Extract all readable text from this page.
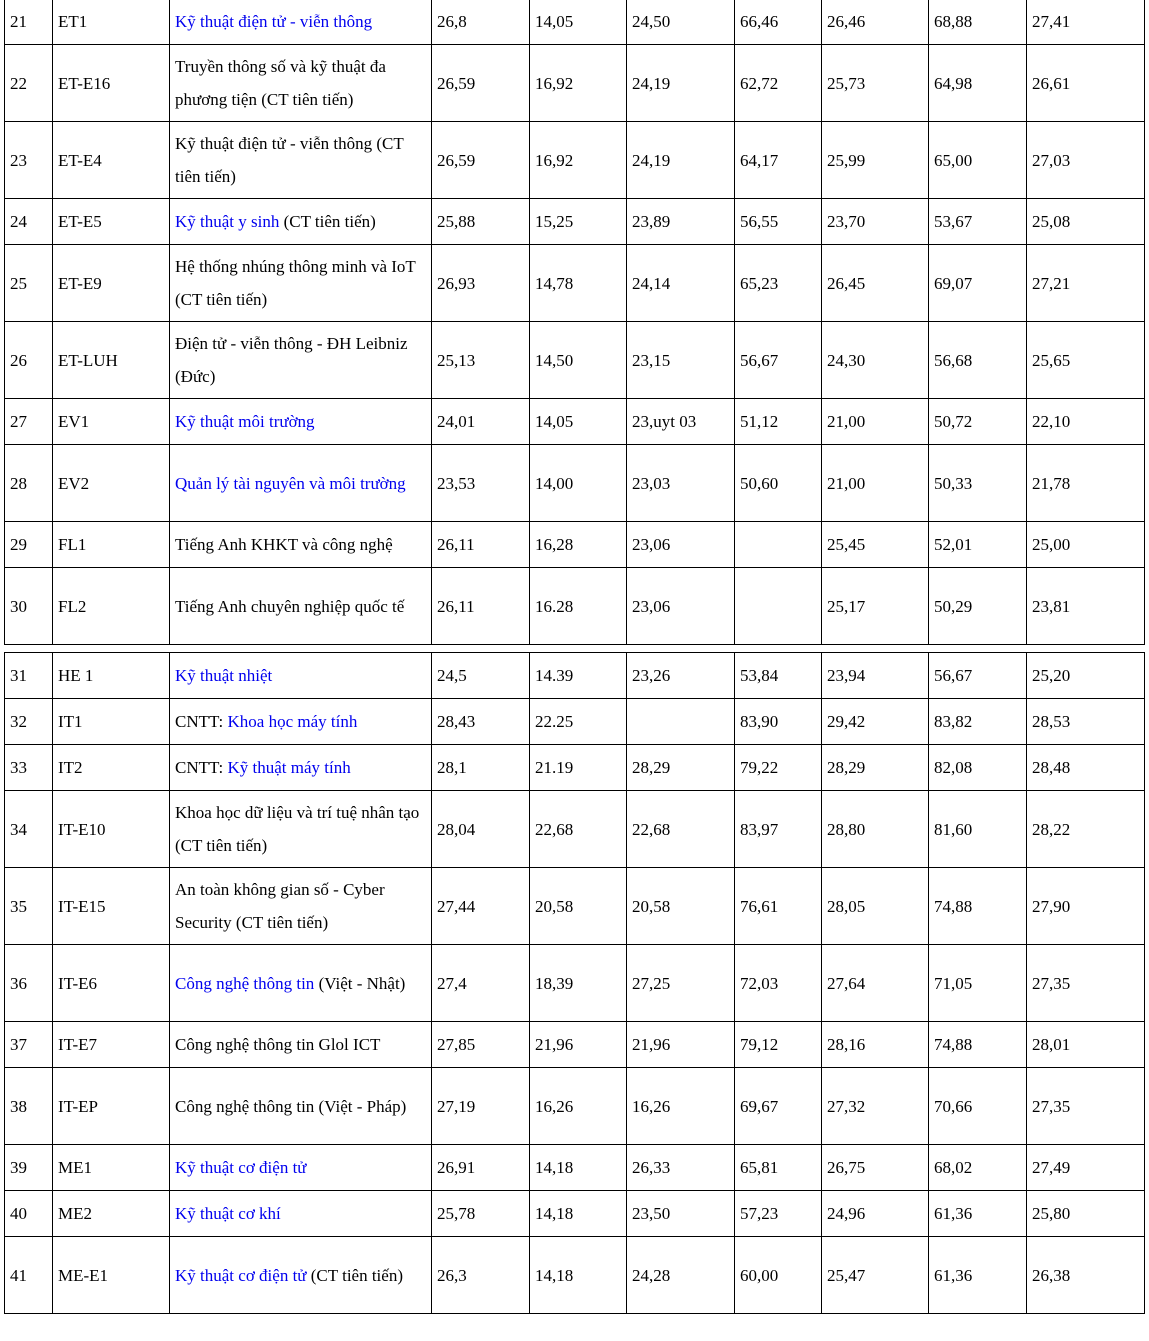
21	ET1	Kỹ thuật điện tử - viễn thông	26,8	14,05	24,50	66,46	26,46	68,88	27,41
22	ET-E16	Truyền thông số và kỹ thuật đa phương tiện (CT tiên tiến)	26,59	16,92	24,19	62,72	25,73	64,98	26,61
23	ET-E4	Kỹ thuật điện tử - viễn thông (CT tiên tiến)	26,59	16,92	24,19	64,17	25,99	65,00	27,03
24	ET-E5	Kỹ thuật y sinh (CT tiên tiến)	25,88	15,25	23,89	56,55	23,70	53,67	25,08
25	ET-E9	Hệ thống nhúng thông minh và IoT (CT tiên tiến)	26,93	14,78	24,14	65,23	26,45	69,07	27,21
26	ET-LUH	Điện tử - viễn thông - ĐH Leibniz (Đức)	25,13	14,50	23,15	56,67	24,30	56,68	25,65
27	EV1	Kỹ thuật môi trường	24,01	14,05	23,uyt 03	51,12	21,00	50,72	22,10
28	EV2	Quản lý tài nguyên và môi trường	23,53	14,00	23,03	50,60	21,00	50,33	21,78
29	FL1	Tiếng Anh KHKT và công nghệ	26,11	16,28	23,06		25,45	52,01	25,00
30	FL2	Tiếng Anh chuyên nghiệp quốc tế	26,11	16.28	23,06		25,17	50,29	23,81
31	HE 1	Kỹ thuật nhiệt	24,5	14.39	23,26	53,84	23,94	56,67	25,20
32	IT1	CNTT: Khoa học máy tính	28,43	22.25		83,90	29,42	83,82	28,53
33	IT2	CNTT: Kỹ thuật máy tính	28,1	21.19	28,29	79,22	28,29	82,08	28,48
34	IT-E10	Khoa học dữ liệu và trí tuệ nhân tạo (CT tiên tiến)	28,04	22,68	22,68	83,97	28,80	81,60	28,22
35	IT-E15	An toàn không gian số - Cyber Security (CT tiên tiến)	27,44	20,58	20,58	76,61	28,05	74,88	27,90
36	IT-E6	Công nghệ thông tin (Việt - Nhật)	27,4	18,39	27,25	72,03	27,64	71,05	27,35
37	IT-E7	Công nghệ thông tin Glol ICT	27,85	21,96	21,96	79,12	28,16	74,88	28,01
38	IT-EP	Công nghệ thông tin (Việt - Pháp)	27,19	16,26	16,26	69,67	27,32	70,66	27,35
39	ME1	Kỹ thuật cơ điện tử	26,91	14,18	26,33	65,81	26,75	68,02	27,49
40	ME2	Kỹ thuật cơ khí	25,78	14,18	23,50	57,23	24,96	61,36	25,80
41	ME-E1	Kỹ thuật cơ điện tử (CT tiên tiến)	26,3	14,18	24,28	60,00	25,47	61,36	26,38
